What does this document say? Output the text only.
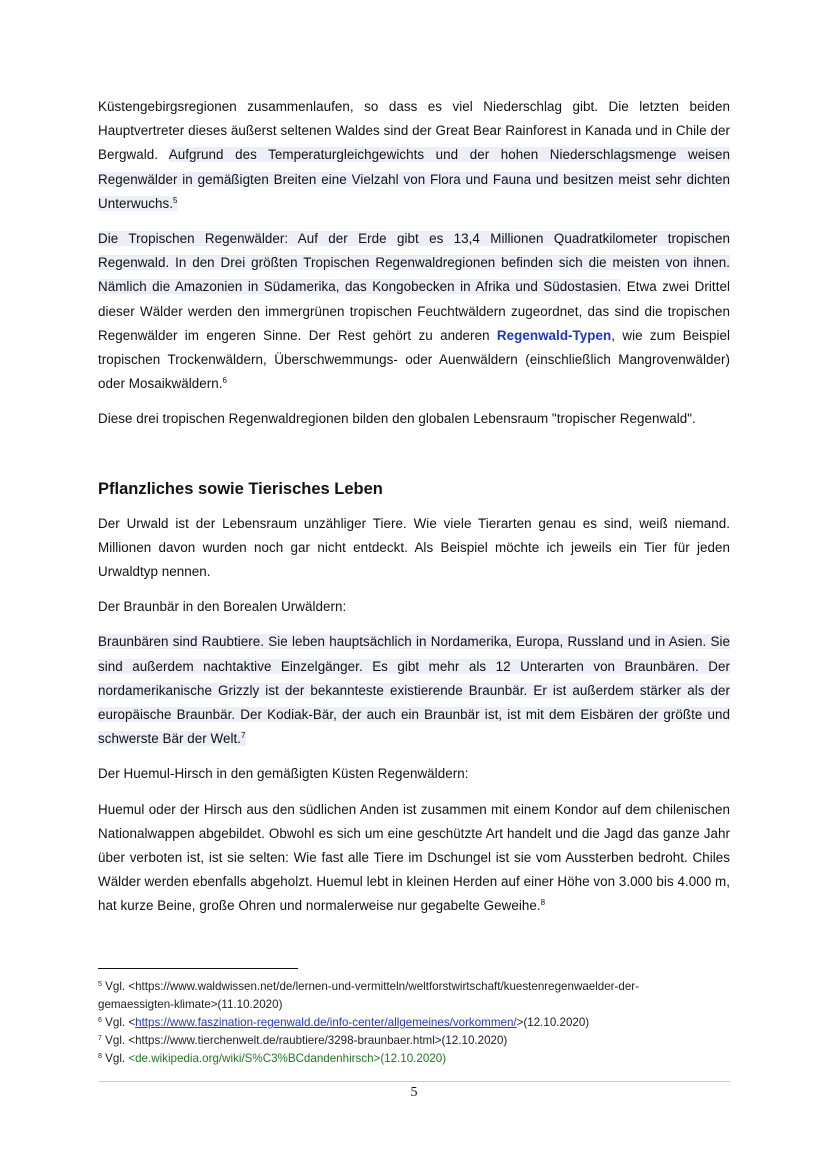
Küstengebirgsregionen zusammenlaufen, so dass es viel Niederschlag gibt. Die letzten beiden Hauptvertreter dieses äußerst seltenen Waldes sind der Great Bear Rainforest in Kanada und in Chile der Bergwald. Aufgrund des Temperaturgleichgewichts und der hohen Niederschlagsmenge weisen Regenwälder in gemäßigten Breiten eine Vielzahl von Flora und Fauna und besitzen meist sehr dichten Unterwuchs.$^5$

Die Tropischen Regenwälder: Auf der Erde gibt es 13,4 Millionen Quadratkilometer tropischen Regenwald. In den Drei größten Tropischen Regenwaldregionen befinden sich die meisten von ihnen. Nämlich die Amazonien in Südamerika, das Kongobecken in Afrika und Südostasien. Etwa zwei Drittel dieser Wälder werden den immergrünen tropischen Feuchtwäldern zugeordnet, das sind die tropischen Regenwälder im engeren Sinne. Der Rest gehört zu anderen Regenwald-Typen, wie zum Beispiel tropischen Trockenwäldern, Überschwemmungs- oder Auenwäldern (einschließlich Mangrovenwälder) oder Mosaikwäldern.$^6$

Diese drei tropischen Regenwaldregionen bilden den globalen Lebensraum "tropischer Regenwald".

Pflanzliches sowie Tierisches Leben

Der Urwald ist der Lebensraum unzähliger Tiere. Wie viele Tierarten genau es sind, weiß niemand. Millionen davon wurden noch gar nicht entdeckt. Als Beispiel möchte ich jeweils ein Tier für jeden Urwaldtyp nennen.

Der Braunbär in den Borealen Urwäldern:

Braunbären sind Raubtiere. Sie leben hauptsächlich in Nordamerika, Europa, Russland und in Asien. Sie sind außerdem nachtaktive Einzelgänger. Es gibt mehr als 12 Unterarten von Braunbären. Der nordamerikanische Grizzly ist der bekannteste existierende Braunbär. Er ist außerdem stärker als der europäische Braunbär. Der Kodiak-Bär, der auch ein Braunbär ist, ist mit dem Eisbären der größte und schwerste Bär der Welt.$^7$

Der Huemul-Hirsch in den gemäßigten Küsten Regenwäldern:

Huemul oder der Hirsch aus den südlichen Anden ist zusammen mit einem Kondor auf dem chilenischen Nationalwappen abgebildet. Obwohl es sich um eine geschützte Art handelt und die Jagd das ganze Jahr über verboten ist, ist sie selten: Wie fast alle Tiere im Dschungel ist sie vom Aussterben bedroht. Chiles Wälder werden ebenfalls abgeholzt. Huemul lebt in kleinen Herden auf einer Höhe von 3.000 bis 4.000 m, hat kurze Beine, große Ohren und normalerweise nur gegabelte Geweihe.$^8$

$^5$ Vgl. <https://www.waldwissen.net/de/lernen-und-vermitteln/weltforstwirtschaft/kuestenregenwaelder-der-
gemaessigten-klimate>(11.10.2020)
$^6$ Vgl. <https://www.faszination-regenwald.de/info-center/allgemeines/vorkommen/>(12.10.2020)
$^7$ Vgl. <https://www.tierchenwelt.de/raubtiere/3298-braunbaer.html>(12.10.2020)
$^8$ Vgl. <de.wikipedia.org/wiki/S%C3%BCdandenhirsch>(12.10.2020)
5
